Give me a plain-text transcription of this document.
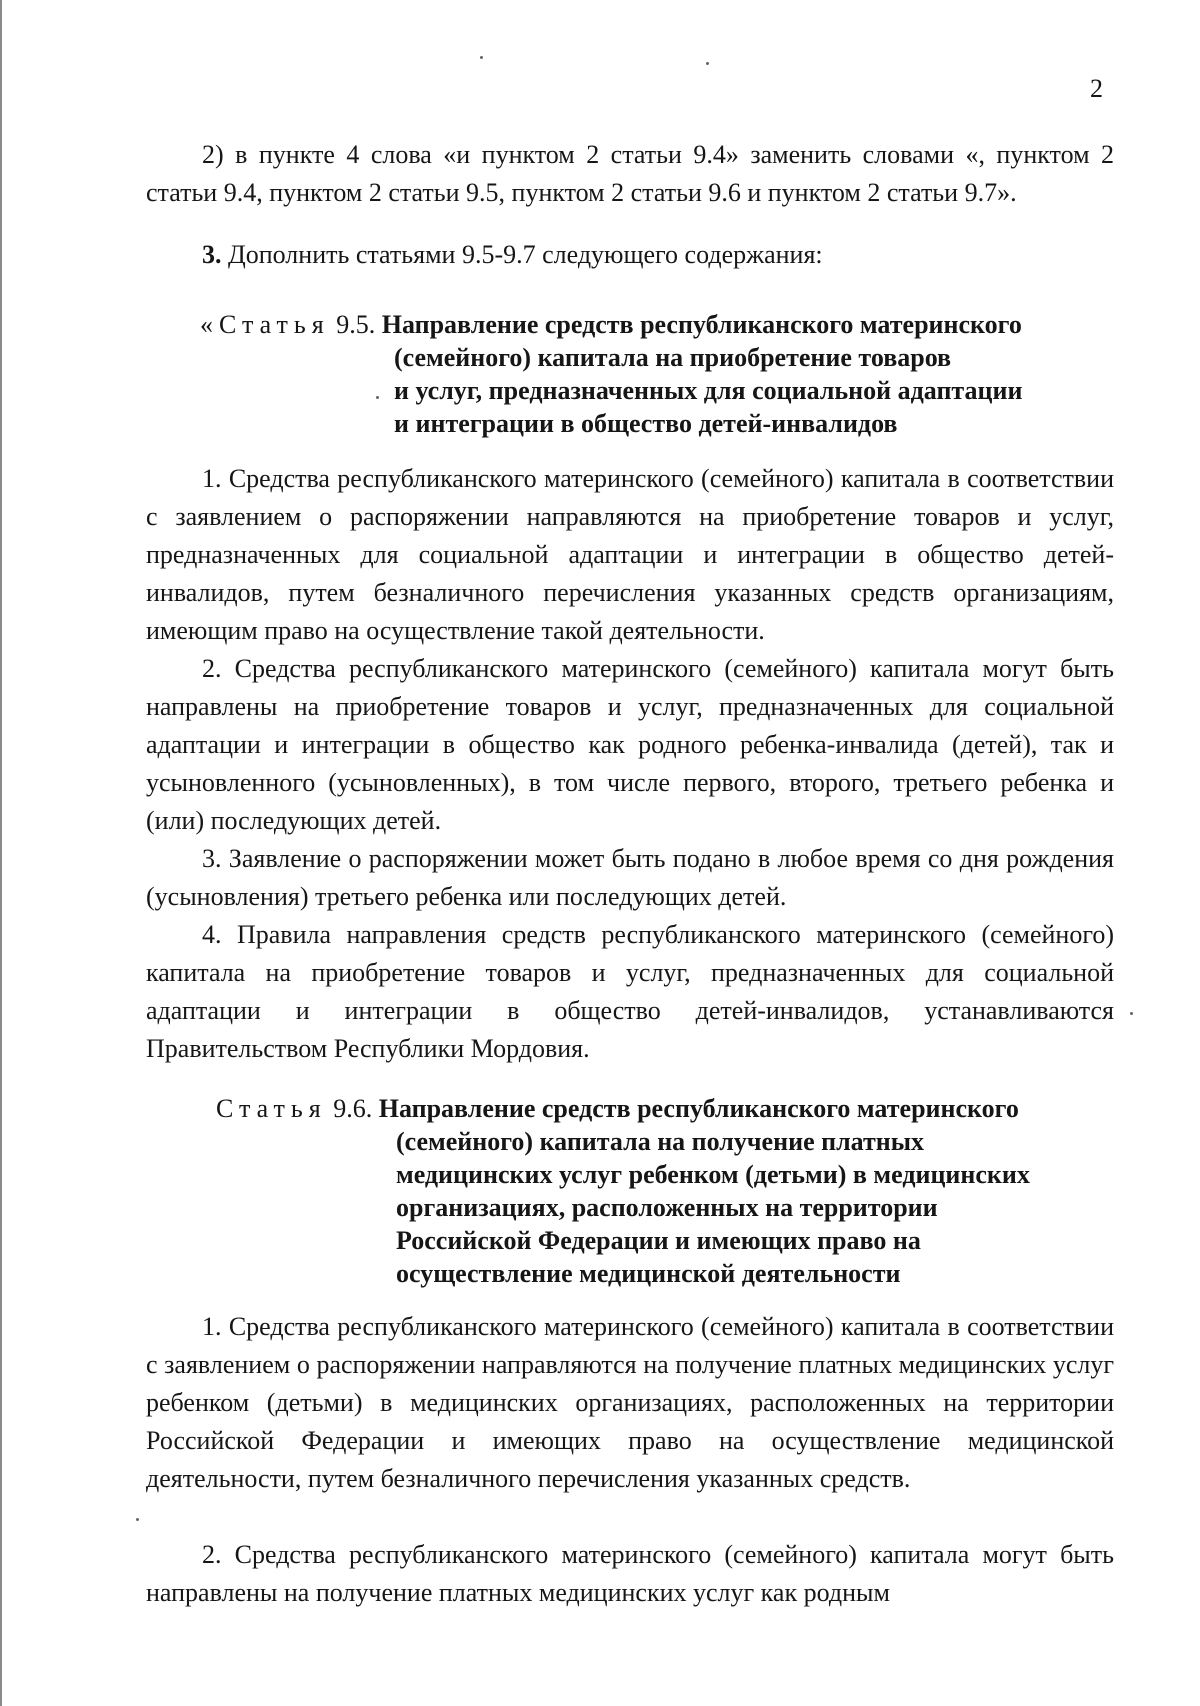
2

2) в пункте 4 слова «и пунктом 2 статьи 9.4» заменить словами «, пунктом 2 статьи 9.4, пунктом 2 статьи 9.5, пунктом 2 статьи 9.6 и пунктом 2 статьи 9.7».

3. Дополнить статьями 9.5-9.7 следующего содержания:

«Статья 9.5. Направление средств республиканского материнского
(семейного) капитала на приобретение товаров
и услуг, предназначенных для социальной адаптации
и интеграции в общество детей-инвалидов

1. Средства республиканского материнского (семейного) капитала в соответствии с заявлением о распоряжении направляются на приобретение товаров и услуг, предназначенных для социальной адаптации и интеграции в общество детей-инвалидов, путем безналичного перечисления указанных средств организациям, имеющим право на осуществление такой деятельности.

2. Средства республиканского материнского (семейного) капитала могут быть направлены на приобретение товаров и услуг, предназначенных для социальной адаптации и интеграции в общество как родного ребенка-инвалида (детей), так и усыновленного (усыновленных), в том числе первого, второго, третьего ребенка и (или) последующих детей.

3. Заявление о распоряжении может быть подано в любое время со дня рождения (усыновления) третьего ребенка или последующих детей.

4. Правила направления средств республиканского материнского (семейного) капитала на приобретение товаров и услуг, предназначенных для социальной адаптации и интеграции в общество детей-инвалидов, устанавливаются Правительством Республики Мордовия.

Статья 9.6. Направление средств республиканского материнского
(семейного) капитала на получение платных
медицинских услуг ребенком (детьми) в медицинских
организациях, расположенных на территории
Российской Федерации и имеющих право на
осуществление медицинской деятельности

1. Средства республиканского материнского (семейного) капитала в соответствии с заявлением о распоряжении направляются на получение платных медицинских услуг ребенком (детьми) в медицинских организациях, расположенных на территории Российской Федерации и имеющих право на осуществление медицинской деятельности, путем безналичного перечисления указанных средств.

2. Средства республиканского материнского (семейного) капитала могут быть направлены на получение платных медицинских услуг как родным
